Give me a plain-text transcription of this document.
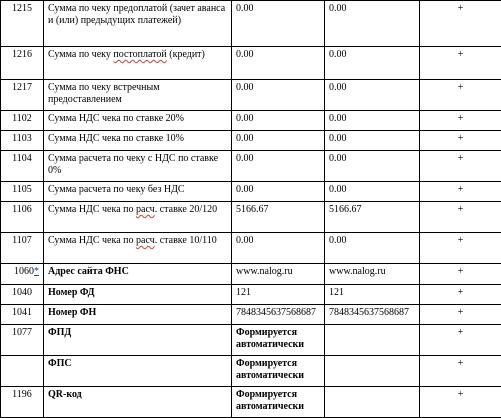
1215	Сумма по чеку предоплатой (зачет аванса и (или) предыдущих платежей)	0.00	0.00	+
1216	Сумма по чеку постоплатой (кредит)	0.00	0.00	+
1217	Сумма по чеку встречным предоставлением	0.00	0.00	+
1102	Сумма НДС чека по ставке 20%	0.00	0.00	+
1103	Сумма НДС чека по ставке 10%	0.00	0.00	+
1104	Сумма расчета по чеку с НДС по ставке 0%	0.00	0.00	+
1105	Сумма расчета по чеку без НДС	0.00	0.00	+
1106	Сумма НДС чека по расч. ставке 20/120	5166.67	5166.67	+
1107	Сумма НДС чека по расч. ставке 10/110	0.00	0.00	+
1060*	Адрес сайта ФНС	www.nalog.ru	www.nalog.ru	+
1040	Номер ФД	121	121	+
1041	Номер ФН	7848345637568687	7848345637568687	+
1077	ФПД	Формируется автоматически		+
	ФПС	Формируется автоматически		+
1196	QR-код	Формируется автоматически		+
